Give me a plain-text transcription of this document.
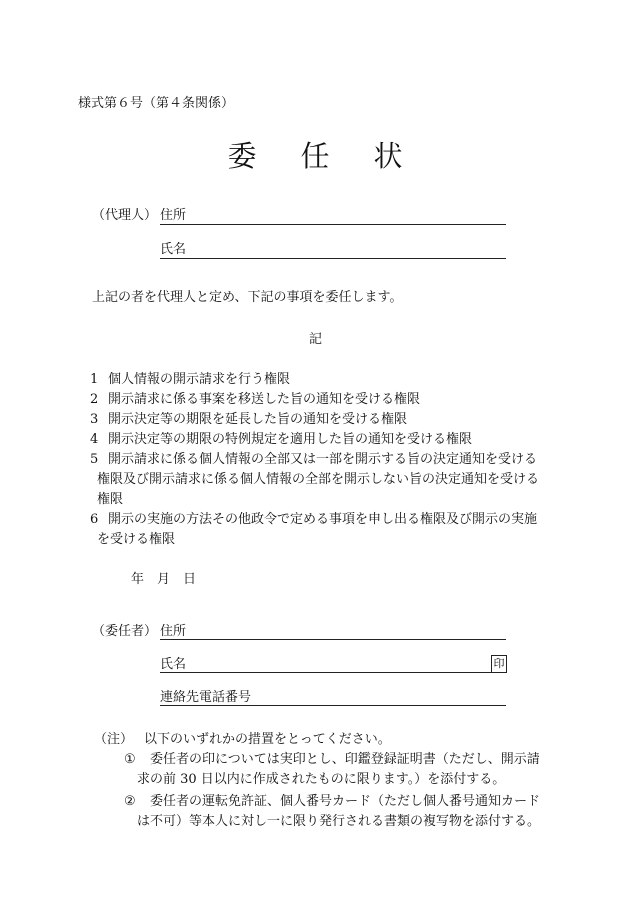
様式第６号（第４条関係）
委任状
（代理人） 住所
氏名
上記の者を代理人と定め、下記の事項を委任します。
記
1 個人情報の開示請求を行う権限
2 開示請求に係る事案を移送した旨の通知を受ける権限
3 開示決定等の期限を延長した旨の通知を受ける権限
4 開示決定等の期限の特例規定を適用した旨の通知を受ける権限
5 開示請求に係る個人情報の全部又は一部を開示する旨の決定通知を受ける
権限及び開示請求に係る個人情報の全部を開示しない旨の決定通知を受ける
権限
6 開示の実施の方法その他政令で定める事項を申し出る権限及び開示の実施
を受ける権限
年 月 日
（委任者） 住所
氏名	印
連絡先電話番号
（注） 以下のいずれかの措置をとってください。
① 委任者の印については実印とし、印鑑登録証明書（ただし、開示請
求の前 30 日以内に作成されたものに限ります。）を添付する。
② 委任者の運転免許証、個人番号カード（ただし個人番号通知カード
は不可）等本人に対し一に限り発行される書類の複写物を添付する。
